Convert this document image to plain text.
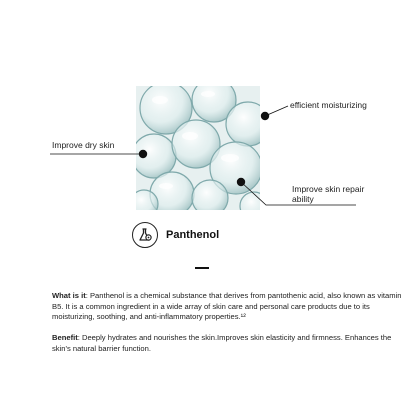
efficient moisturizing
Improve dry skin
Improve skin repair ability
Panthenol
What is it: Panthenol is a chemical substance that derives from pantothenic acid, also known as vitamin B5. It is a common ingredient in a wide array of skin care and personal care products due to its moisturizing, soothing, and anti-inflammatory properties.¹²
Benefit: Deeply hydrates and nourishes the skin.Improves skin elasticity and firmness. Enhances the skin's natural barrier function.
